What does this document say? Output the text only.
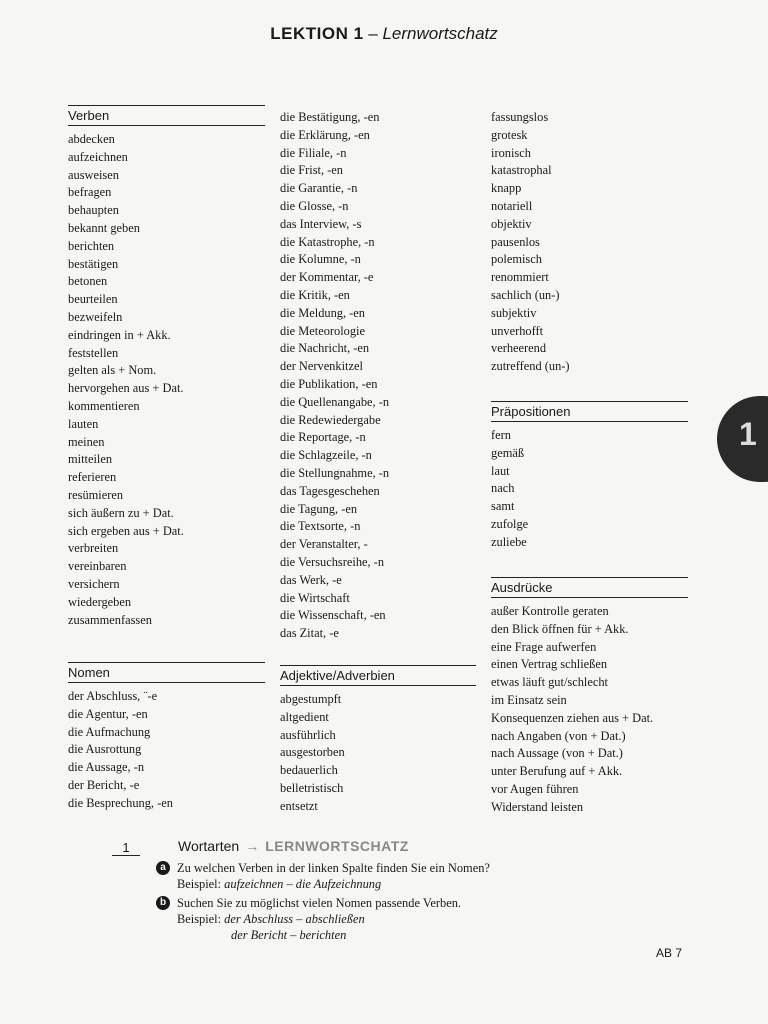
LEKTION 1 – Lernwortschatz
Verben
abdecken
aufzeichnen
ausweisen
befragen
behaupten
bekannt geben
berichten
bestätigen
betonen
beurteilen
bezweifeln
eindringen in + Akk.
feststellen
gelten als + Nom.
hervorgehen aus + Dat.
kommentieren
lauten
meinen
mitteilen
referieren
resümieren
sich äußern zu + Dat.
sich ergeben aus + Dat.
verbreiten
vereinbaren
versichern
wiedergeben
zusammenfassen
Nomen
der Abschluss, ¨-e
die Agentur, -en
die Aufmachung
die Ausrottung
die Aussage, -n
der Bericht, -e
die Besprechung, -en
die Bestätigung, -en
die Erklärung, -en
die Filiale, -n
die Frist, -en
die Garantie, -n
die Glosse, -n
das Interview, -s
die Katastrophe, -n
die Kolumne, -n
der Kommentar, -e
die Kritik, -en
die Meldung, -en
die Meteorologie
die Nachricht, -en
der Nervenkitzel
die Publikation, -en
die Quellenangabe, -n
die Redewiedergabe
die Reportage, -n
die Schlagzeile, -n
die Stellungnahme, -n
das Tagesgeschehen
die Tagung, -en
die Textsorte, -n
der Veranstalter, -
die Versuchsreihe, -n
das Werk, -e
die Wirtschaft
die Wissenschaft, -en
das Zitat, -e
Adjektive/Adverbien
abgestumpft
altgedient
ausführlich
ausgestorben
bedauerlich
belletristisch
entsetzt
fassungslos
grotesk
ironisch
katastrophal
knapp
notariell
objektiv
pausenlos
polemisch
renommiert
sachlich (un-)
subjektiv
unverhofft
verheerend
zutreffend (un-)
Präpositionen
fern
gemäß
laut
nach
samt
zufolge
zuliebe
Ausdrücke
außer Kontrolle geraten
den Blick öffnen für + Akk.
eine Frage aufwerfen
einen Vertrag schließen
etwas läuft gut/schlecht
im Einsatz sein
Konsequenzen ziehen aus + Dat.
nach Angaben (von + Dat.)
nach Aussage (von + Dat.)
unter Berufung auf + Akk.
vor Augen führen
Widerstand leisten
1
1	Wortarten → LERNWORTSCHATZ
a Zu welchen Verben in der linken Spalte finden Sie ein Nomen?
Beispiel: aufzeichnen – die Aufzeichnung
b Suchen Sie zu möglichst vielen Nomen passende Verben.
Beispiel: der Abschluss – abschließen
der Bericht – berichten
AB 7
